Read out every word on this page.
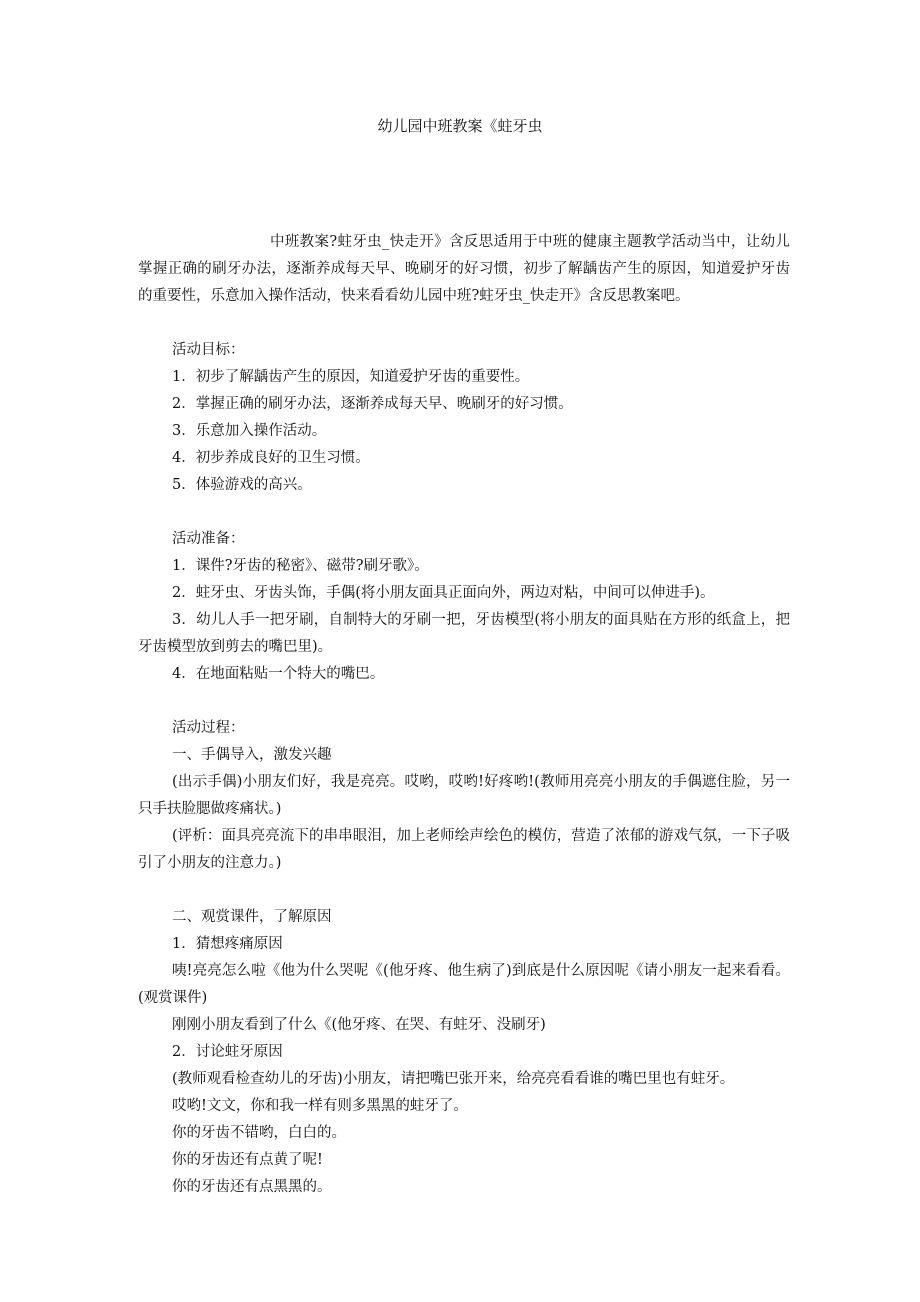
幼儿园中班教案《蛀牙虫

中班教案?蛀牙虫_快走开》含反思适用于中班的健康主题教学活动当中，让幼儿掌握正确的刷牙办法，逐渐养成每天早、晚刷牙的好习惯，初步了解龋齿产生的原因，知道爱护牙齿的重要性，乐意加入操作活动，快来看看幼儿园中班?蛀牙虫_快走开》含反思教案吧。

活动目标：

1．初步了解龋齿产生的原因，知道爱护牙齿的重要性。

2．掌握正确的刷牙办法，逐渐养成每天早、晚刷牙的好习惯。

3．乐意加入操作活动。

4．初步养成良好的卫生习惯。

5．体验游戏的高兴。

活动准备：

1．课件?牙齿的秘密》、磁带?刷牙歌》。

2．蛀牙虫、牙齿头饰，手偶(将小朋友面具正面向外，两边对粘，中间可以伸进手)。

3．幼儿人手一把牙刷，自制特大的牙刷一把，牙齿模型(将小朋友的面具贴在方形的纸盒上，把牙齿模型放到剪去的嘴巴里)。

4．在地面粘贴一个特大的嘴巴。

活动过程：

一、手偶导入，激发兴趣

(出示手偶)小朋友们好，我是亮亮。哎哟，哎哟!好疼哟!(教师用亮亮小朋友的手偶遮住脸，另一只手扶脸腮做疼痛状。)

(评析：面具亮亮流下的串串眼泪，加上老师绘声绘色的模仿，营造了浓郁的游戏气氛，一下子吸引了小朋友的注意力。)

二、观赏课件，了解原因

1．猜想疼痛原因

咦!亮亮怎么啦《他为什么哭呢《(他牙疼、他生病了)到底是什么原因呢《请小朋友一起来看看。(观赏课件)

刚刚小朋友看到了什么《(他牙疼、在哭、有蛀牙、没刷牙)

2．讨论蛀牙原因

(教师观看检查幼儿的牙齿)小朋友，请把嘴巴张开来，给亮亮看看谁的嘴巴里也有蛀牙。

哎哟!文文，你和我一样有则多黑黑的蛀牙了。

你的牙齿不错哟，白白的。

你的牙齿还有点黄了呢!

你的牙齿还有点黑黑的。
